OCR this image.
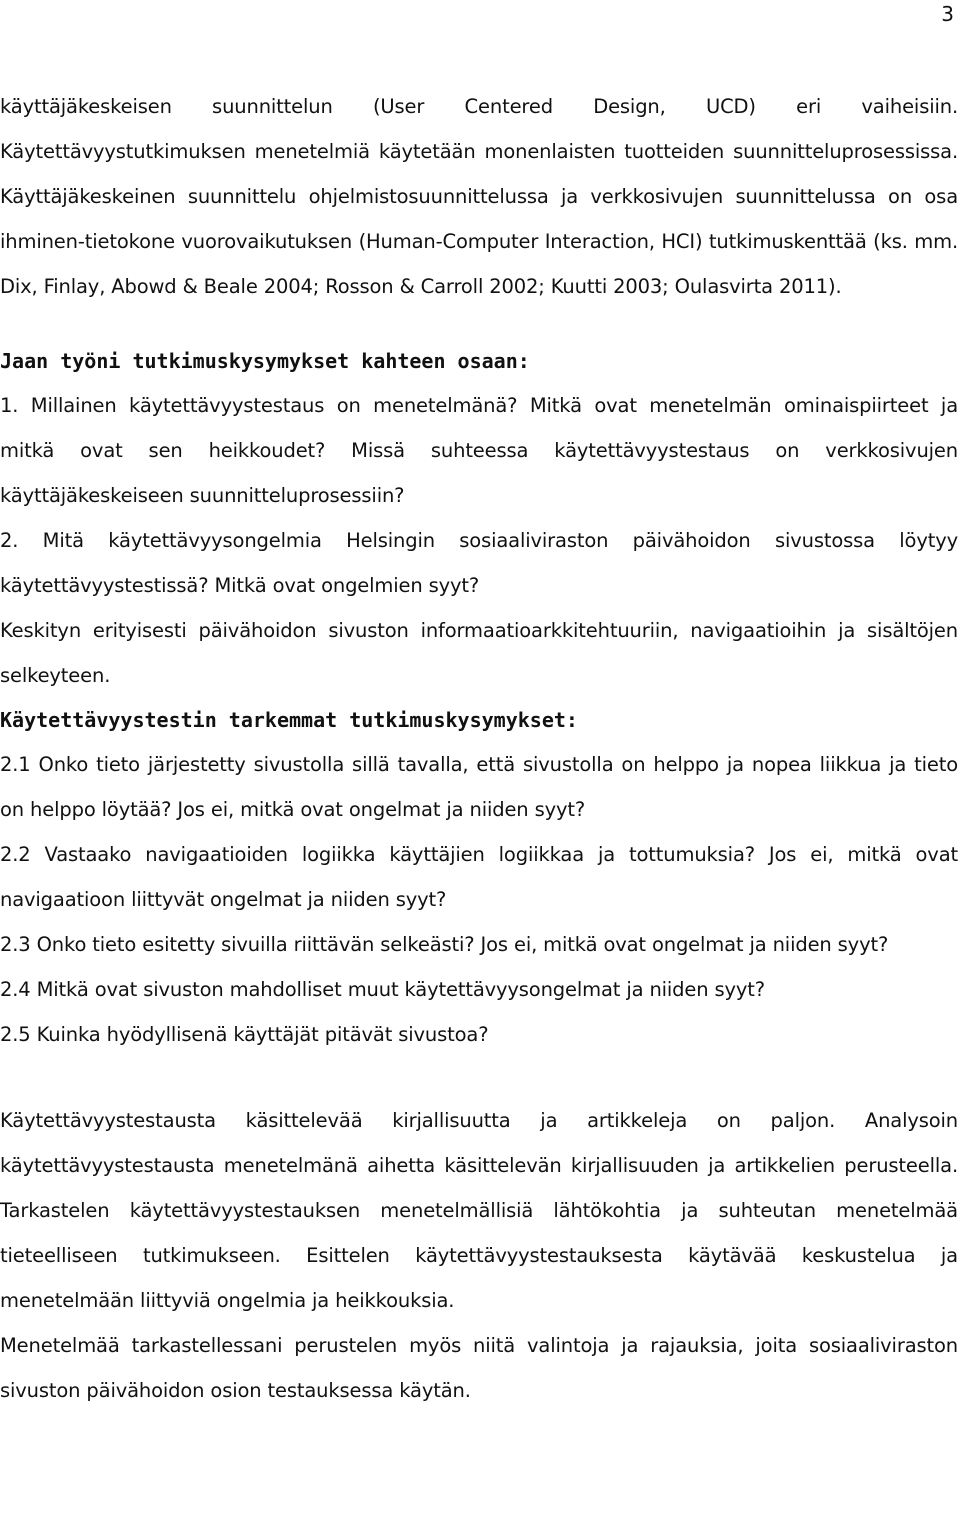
3

käyttäjäkeskeisen suunnittelun (User Centered Design, UCD) eri vaiheisiin. Käytettävyystutkimuksen menetelmiä käytetään monenlaisten tuotteiden suunnitteluprosessissa. Käyttäjäkeskeinen suunnittelu ohjelmistosuunnittelussa ja verkkosivujen suunnittelussa on osa ihminen-tietokone vuorovaikutuksen (Human-Computer Interaction, HCI) tutkimuskenttää (ks. mm. Dix, Finlay, Abowd & Beale 2004; Rosson & Carroll 2002; Kuutti 2003; Oulasvirta 2011).

Jaan työni tutkimuskysymykset kahteen osaan:

1. Millainen käytettävyystestaus on menetelmänä? Mitkä ovat menetelmän ominaispiirteet ja mitkä ovat sen heikkoudet? Missä suhteessa käytettävyystestaus on verkkosivujen käyttäjäkeskeiseen suunnitteluprosessiin?

2. Mitä käytettävyysongelmia Helsingin sosiaaliviraston päivähoidon sivustossa löytyy käytettävyystestissä? Mitkä ovat ongelmien syyt?

Keskityn erityisesti päivähoidon sivuston informaatioarkkitehtuuriin, navigaatioihin ja sisältöjen selkeyteen.

Käytettävyystestin tarkemmat tutkimuskysymykset:

2.1 Onko tieto järjestetty sivustolla sillä tavalla, että sivustolla on helppo ja nopea liikkua ja tieto on helppo löytää? Jos ei, mitkä ovat ongelmat ja niiden syyt?

2.2 Vastaako navigaatioiden logiikka käyttäjien logiikkaa ja tottumuksia? Jos ei, mitkä ovat navigaatioon liittyvät ongelmat ja niiden syyt?

2.3 Onko tieto esitetty sivuilla riittävän selkeästi? Jos ei, mitkä ovat ongelmat ja niiden syyt?

2.4 Mitkä ovat sivuston mahdolliset muut käytettävyysongelmat ja niiden syyt?

2.5 Kuinka hyödyllisenä käyttäjät pitävät sivustoa?

Käytettävyystestausta käsittelevää kirjallisuutta ja artikkeleja on paljon. Analysoin käytettävyystestausta menetelmänä aihetta käsittelevän kirjallisuuden ja artikkelien perusteella. Tarkastelen käytettävyystestauksen menetelmällisiä lähtökohtia ja suhteutan menetelmää tieteelliseen tutkimukseen. Esittelen käytettävyystestauksesta käytävää keskustelua ja menetelmään liittyviä ongelmia ja heikkouksia.

Menetelmää tarkastellessani perustelen myös niitä valintoja ja rajauksia, joita sosiaaliviraston sivuston päivähoidon osion testauksessa käytän.
